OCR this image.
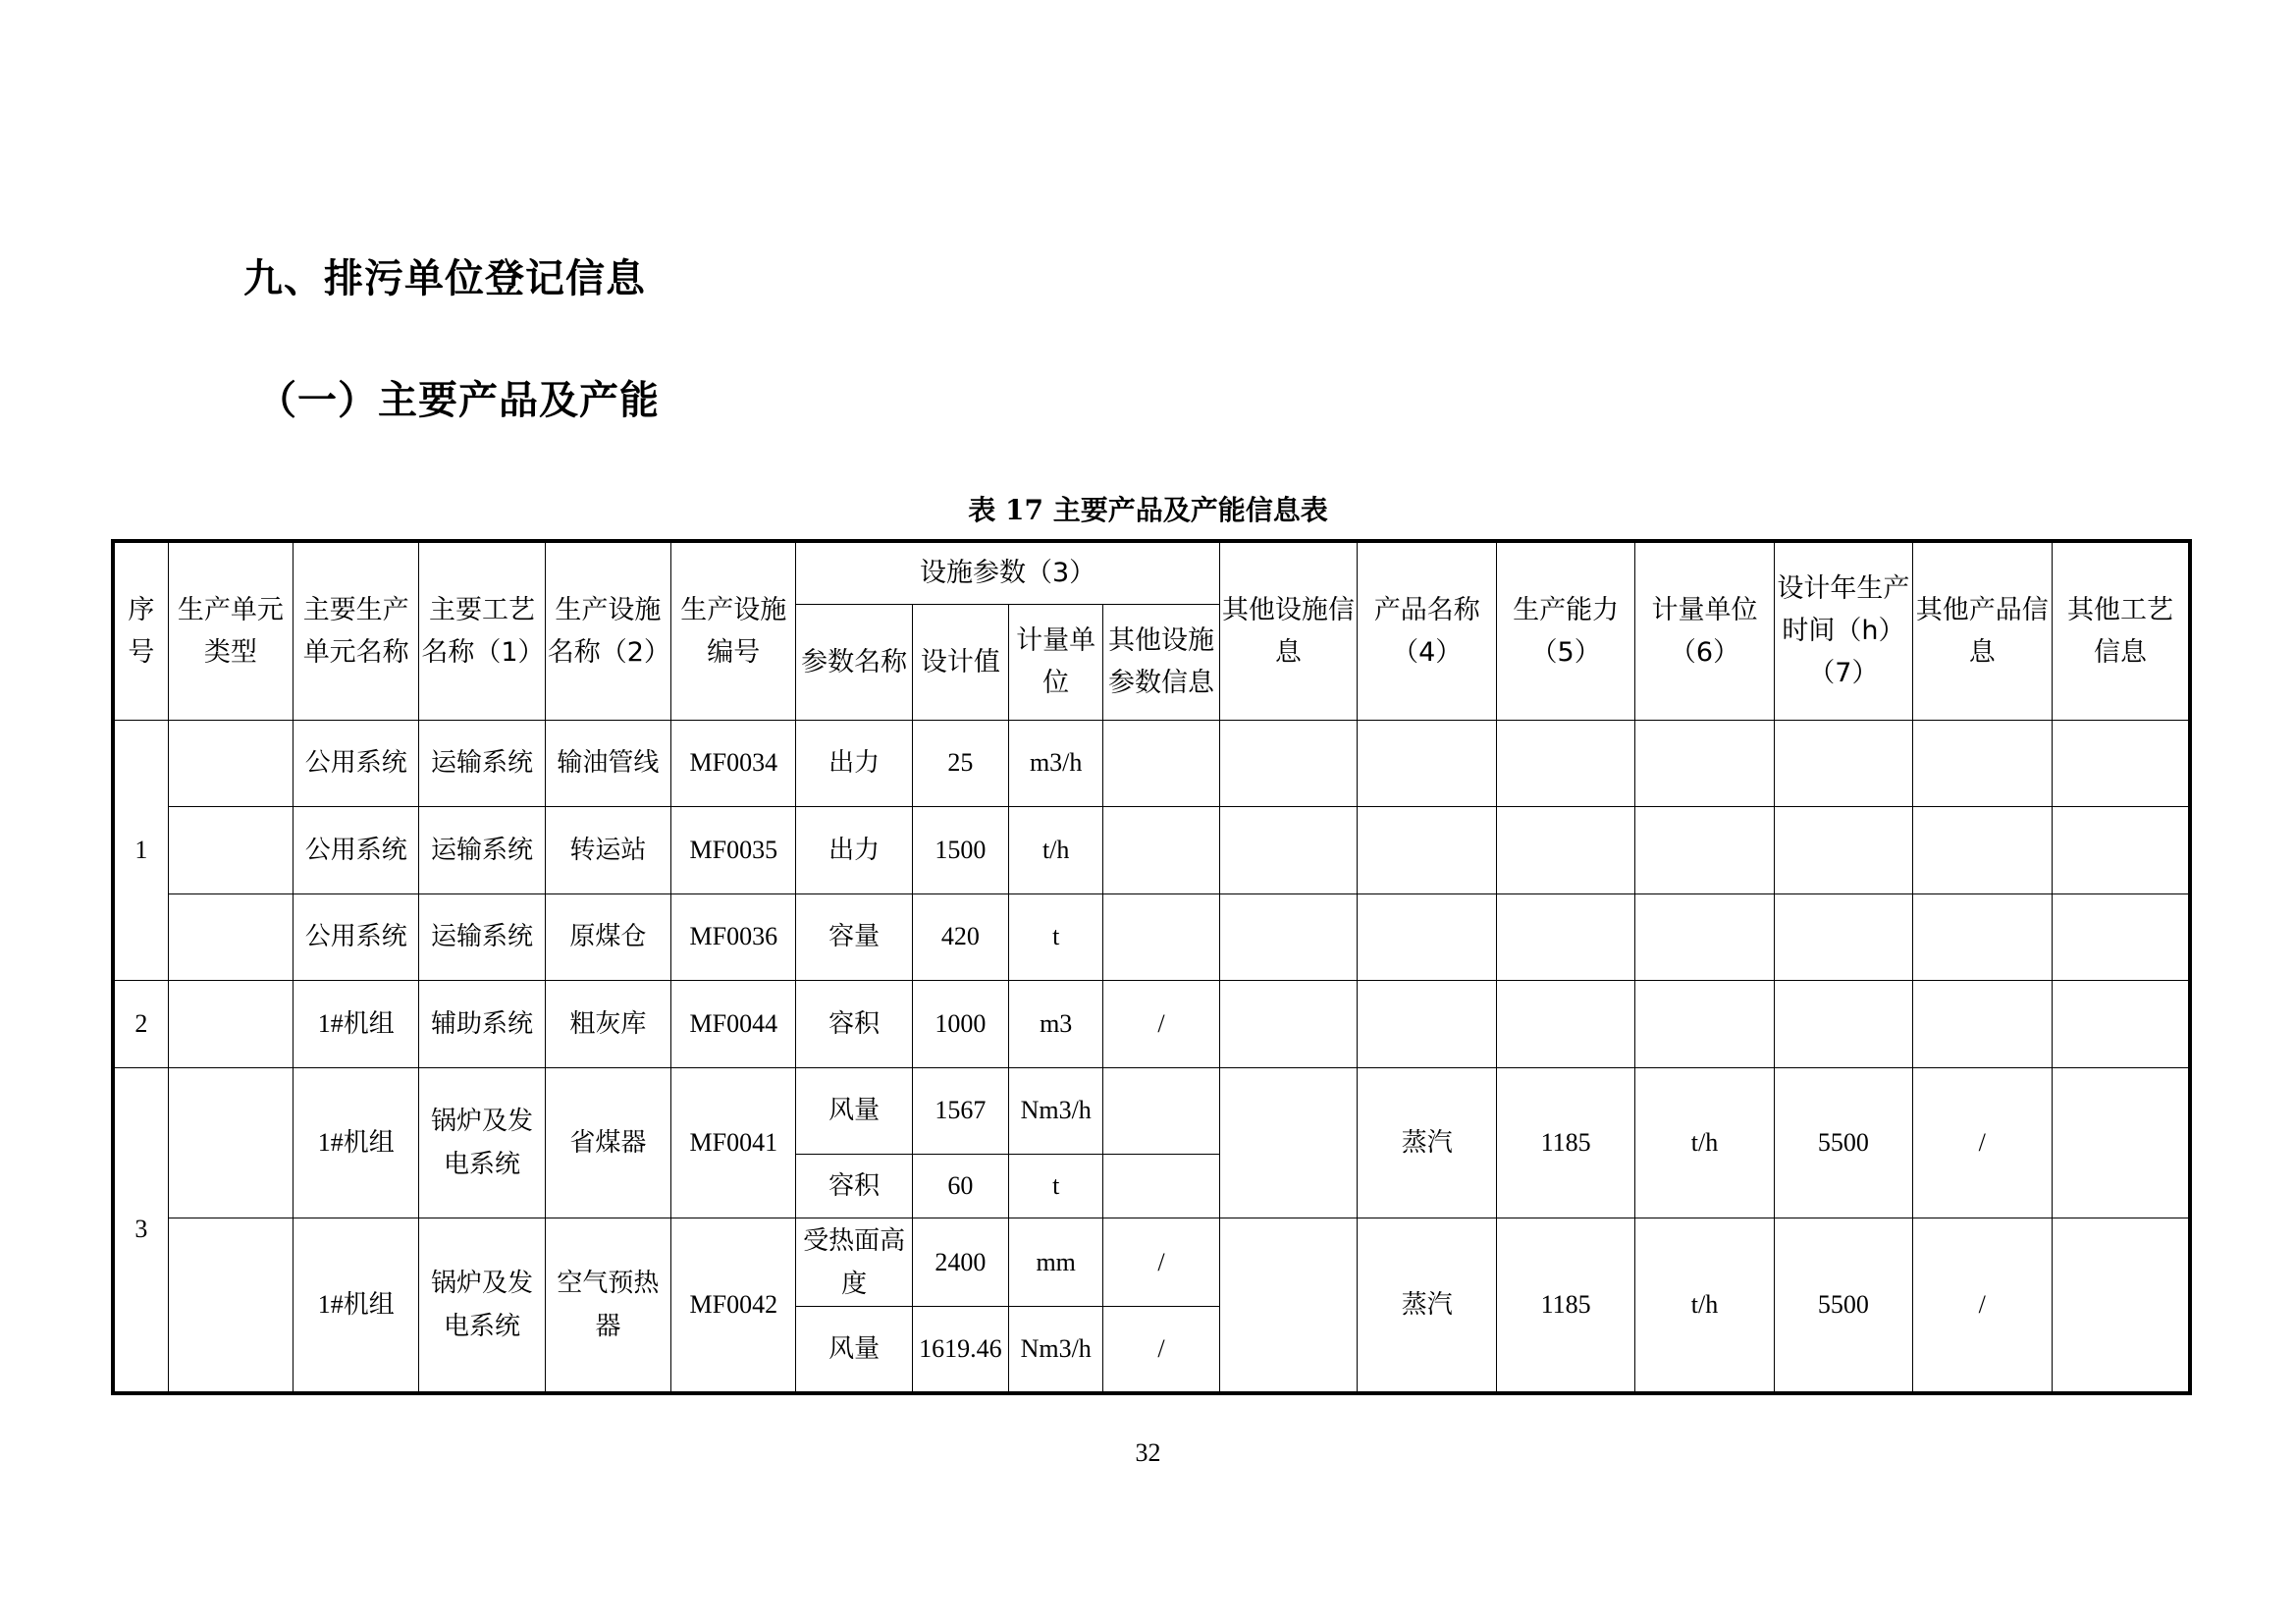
九、排污单位登记信息
（一）主要产品及产能
表 17 主要产品及产能信息表
序号	生产单元类型	主要生产单元名称	主要工艺名称（1）	生产设施名称（2）	生产设施编号	设施参数（3）				其他设施信息	产品名称（4）	生产能力（5）	计量单位（6）	设计年生产时间（h）（7）	其他产品信息	其他工艺信息
						参数名称	设计值	计量单位	其他设施参数信息							
1		公用系统	运输系统	输油管线	MF0034	出力	25	m3/h								
		公用系统	运输系统	转运站	MF0035	出力	1500	t/h								
		公用系统	运输系统	原煤仓	MF0036	容量	420	t								
2		1#机组	辅助系统	粗灰库	MF0044	容积	1000	m3	/							
3		1#机组	锅炉及发电系统	省煤器	MF0041	风量	1567	Nm3/h			蒸汽	1185	t/h	5500	/	
						容积	60	t								
		1#机组	锅炉及发电系统	空气预热器	MF0042	受热面高度	2400	mm	/		蒸汽	1185	t/h	5500	/	
						风量	1619.46	Nm3/h	/							
32
